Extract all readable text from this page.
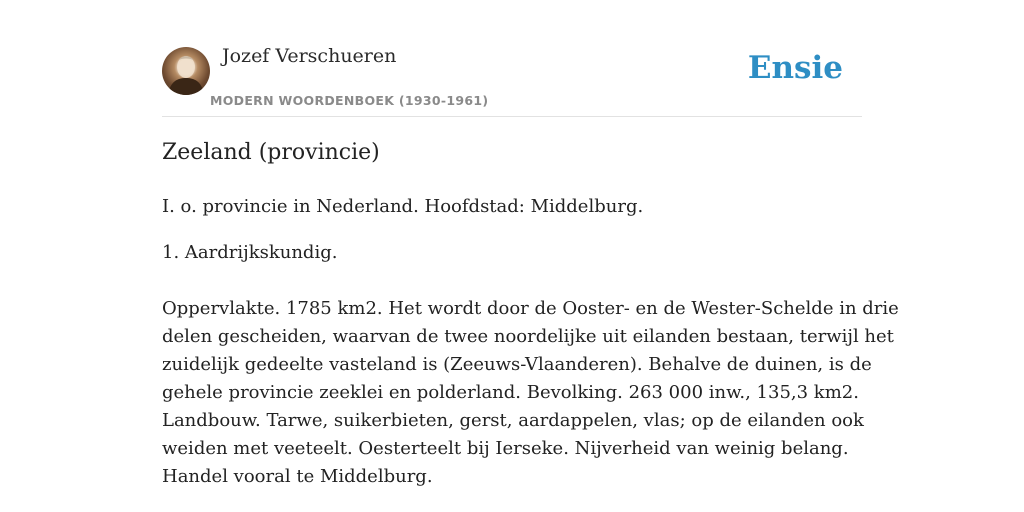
Jozef Verschueren
MODERN WOORDENBOEK (1930-1961)
Ensie
Zeeland (provincie)

I. o. provincie in Nederland. Hoofdstad: Middelburg.

1. Aardrijkskundig.

Oppervlakte. 1785 km2. Het wordt door de Ooster- en de Wester-Schelde in drie
delen gescheiden, waarvan de twee noordelijke uit eilanden bestaan, terwijl het
zuidelijk gedeelte vasteland is (Zeeuws-Vlaanderen). Behalve de duinen, is de
gehele provincie zeeklei en polderland. Bevolking. 263 000 inw., 135,3 km2.
Landbouw. Tarwe, suikerbieten, gerst, aardappelen, vlas; op de eilanden ook
weiden met veeteelt. Oesterteelt bij Ierseke. Nijverheid van weinig belang.
Handel vooral te Middelburg.
